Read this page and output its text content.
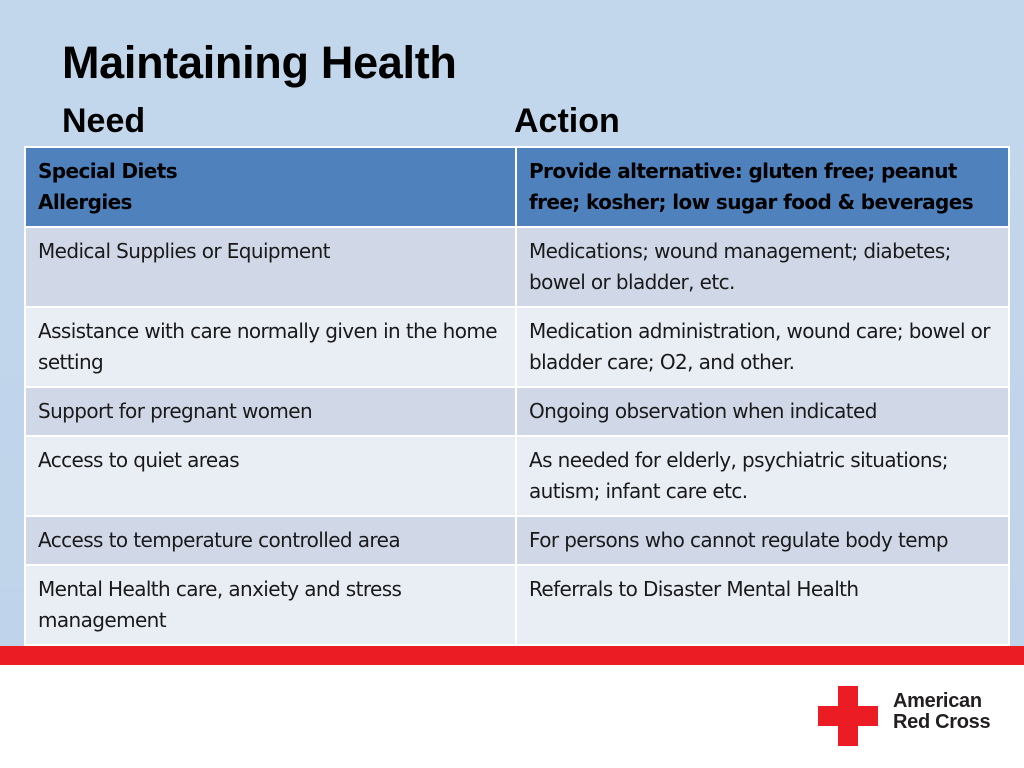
Maintaining Health
Need	Action
Special Diets
Allergies	Provide alternative: gluten free; peanut free; kosher; low sugar food & beverages
Medical Supplies or Equipment	Medications; wound management; diabetes; bowel or bladder, etc.
Assistance with care normally given in the home setting	Medication administration, wound care; bowel or bladder care; O2, and other.
Support for pregnant women	Ongoing observation when indicated
Access to quiet areas	As needed for elderly, psychiatric situations; autism; infant care etc.
Access to temperature controlled area	For persons who cannot regulate body temp
Mental Health care, anxiety and stress management	Referrals to Disaster Mental Health
American
Red Cross
